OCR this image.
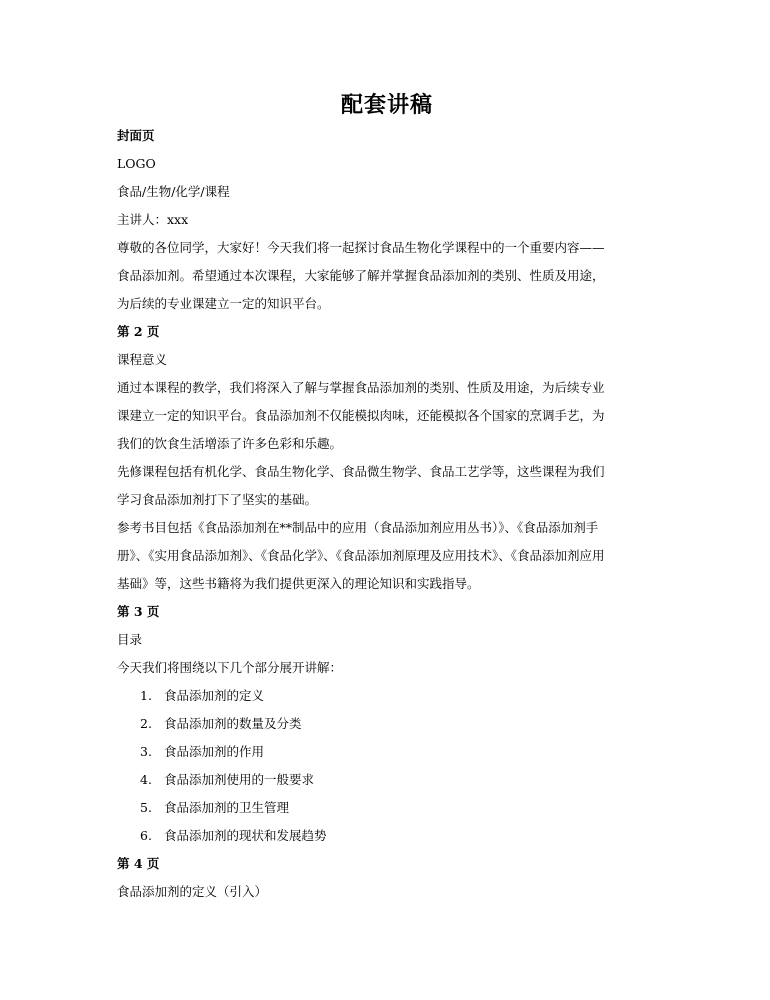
配套讲稿
封面页
LOGO
食品/生物/化学/课程
主讲人：xxx
尊敬的各位同学，大家好！今天我们将一起探讨食品生物化学课程中的一个重要内容——
食品添加剂。希望通过本次课程，大家能够了解并掌握食品添加剂的类别、性质及用途，
为后续的专业课建立一定的知识平台。
第 2 页
课程意义
通过本课程的教学，我们将深入了解与掌握食品添加剂的类别、性质及用途，为后续专业
课建立一定的知识平台。食品添加剂不仅能模拟肉味，还能模拟各个国家的烹调手艺，为
我们的饮食生活增添了许多色彩和乐趣。
先修课程包括有机化学、食品生物化学、食品微生物学、食品工艺学等，这些课程为我们
学习食品添加剂打下了坚实的基础。
参考书目包括《食品添加剂在**制品中的应用（食品添加剂应用丛书）》、《食品添加剂手
册》、《实用食品添加剂》、《食品化学》、《食品添加剂原理及应用技术》、《食品添加剂应用
基础》等，这些书籍将为我们提供更深入的理论知识和实践指导。
第 3 页
目录
今天我们将围绕以下几个部分展开讲解：
1. 食品添加剂的定义
2. 食品添加剂的数量及分类
3. 食品添加剂的作用
4. 食品添加剂使用的一般要求
5. 食品添加剂的卫生管理
6. 食品添加剂的现状和发展趋势
第 4 页
食品添加剂的定义（引入）
